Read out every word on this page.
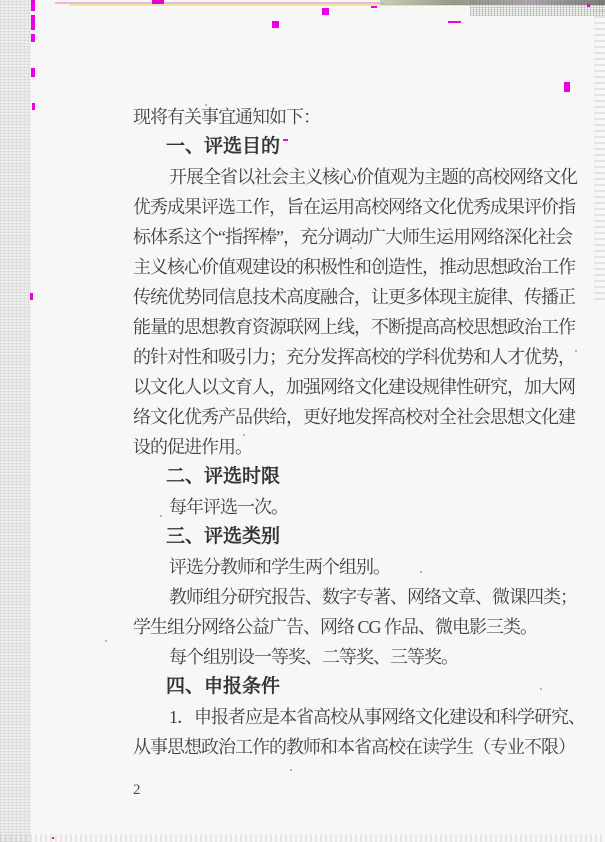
现将有关事宜通知如下：
一、评选目的
开展全省以社会主义核心价值观为主题的高校网络文化
优秀成果评选工作，旨在运用高校网络文化优秀成果评价指
标体系这个“指挥棒”，充分调动广大师生运用网络深化社会
主义核心价值观建设的积极性和创造性，推动思想政治工作
传统优势同信息技术高度融合，让更多体现主旋律、传播正
能量的思想教育资源联网上线，不断提高高校思想政治工作
的针对性和吸引力；充分发挥高校的学科优势和人才优势，
以文化人以文育人，加强网络文化建设规律性研究，加大网
络文化优秀产品供给，更好地发挥高校对全社会思想文化建
设的促进作用。
二、评选时限
每年评选一次。
三、评选类别
评选分教师和学生两个组别。
教师组分研究报告、数字专著、网络文章、微课四类；
学生组分网络公益广告、网络 CG 作品、微电影三类。
每个组别设一等奖、二等奖、三等奖。
四、申报条件
1．申报者应是本省高校从事网络文化建设和科学研究、
从事思想政治工作的教师和本省高校在读学生（专业不限）
2
